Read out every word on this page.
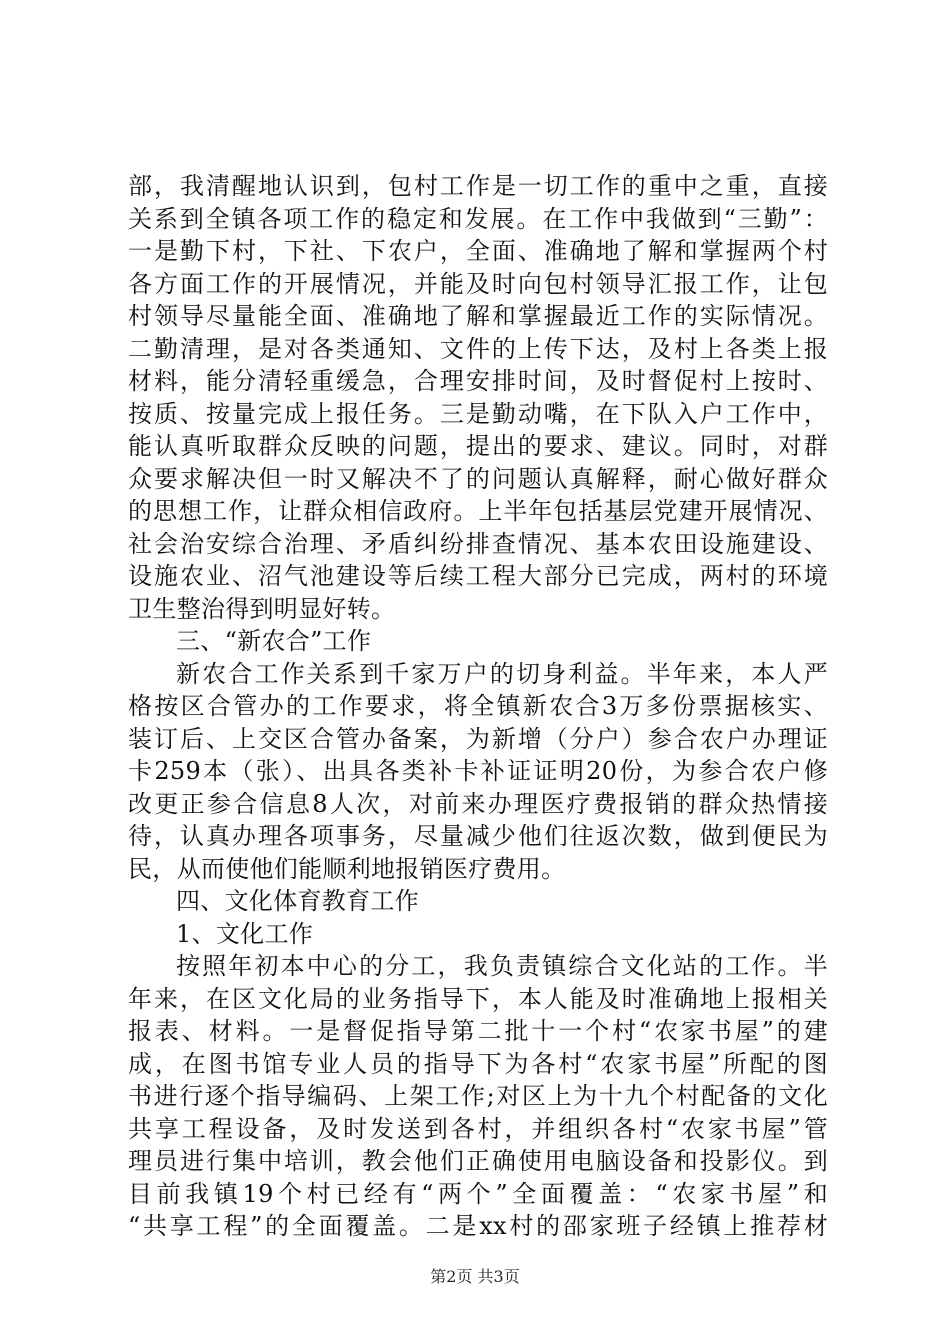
部，我清醒地认识到，包村工作是一切工作的重中之重，直接
关系到全镇各项工作的稳定和发展。在工作中我做到“三勤”：
一是勤下村，下社、下农户，全面、准确地了解和掌握两个村
各方面工作的开展情况，并能及时向包村领导汇报工作，让包
村领导尽量能全面、准确地了解和掌握最近工作的实际情况。
二勤清理，是对各类通知、文件的上传下达，及村上各类上报
材料，能分清轻重缓急，合理安排时间，及时督促村上按时、
按质、按量完成上报任务。三是勤动嘴，在下队入户工作中，
能认真听取群众反映的问题，提出的要求、建议。同时，对群
众要求解决但一时又解决不了的问题认真解释，耐心做好群众
的思想工作，让群众相信政府。上半年包括基层党建开展情况、
社会治安综合治理、矛盾纠纷排查情况、基本农田设施建设、
设施农业、沼气池建设等后续工程大部分已完成，两村的环境
卫生整治得到明显好转。
三、“新农合”工作
新农合工作关系到千家万户的切身利益。半年来，本人严
格按区合管办的工作要求，将全镇新农合3万多份票据核实、
装订后、上交区合管办备案，为新增（分户）参合农户办理证
卡259本（张）、出具各类补卡补证证明20份，为参合农户修
改更正参合信息8人次，对前来办理医疗费报销的群众热情接
待，认真办理各项事务，尽量减少他们往返次数，做到便民为
民，从而使他们能顺利地报销医疗费用。
四、文化体育教育工作
1、文化工作
按照年初本中心的分工，我负责镇综合文化站的工作。半
年来，在区文化局的业务指导下，本人能及时准确地上报相关
报表、材料。一是督促指导第二批十一个村“农家书屋”的建
成，在图书馆专业人员的指导下为各村“农家书屋”所配的图
书进行逐个指导编码、上架工作;对区上为十九个村配备的文化
共享工程设备，及时发送到各村，并组织各村“农家书屋”管
理员进行集中培训，教会他们正确使用电脑设备和投影仪。到
目前我镇19个村已经有“两个”全面覆盖：“农家书屋”和
“共享工程”的全面覆盖。二是xx村的邵家班子经镇上推荐材
第2页 共3页
